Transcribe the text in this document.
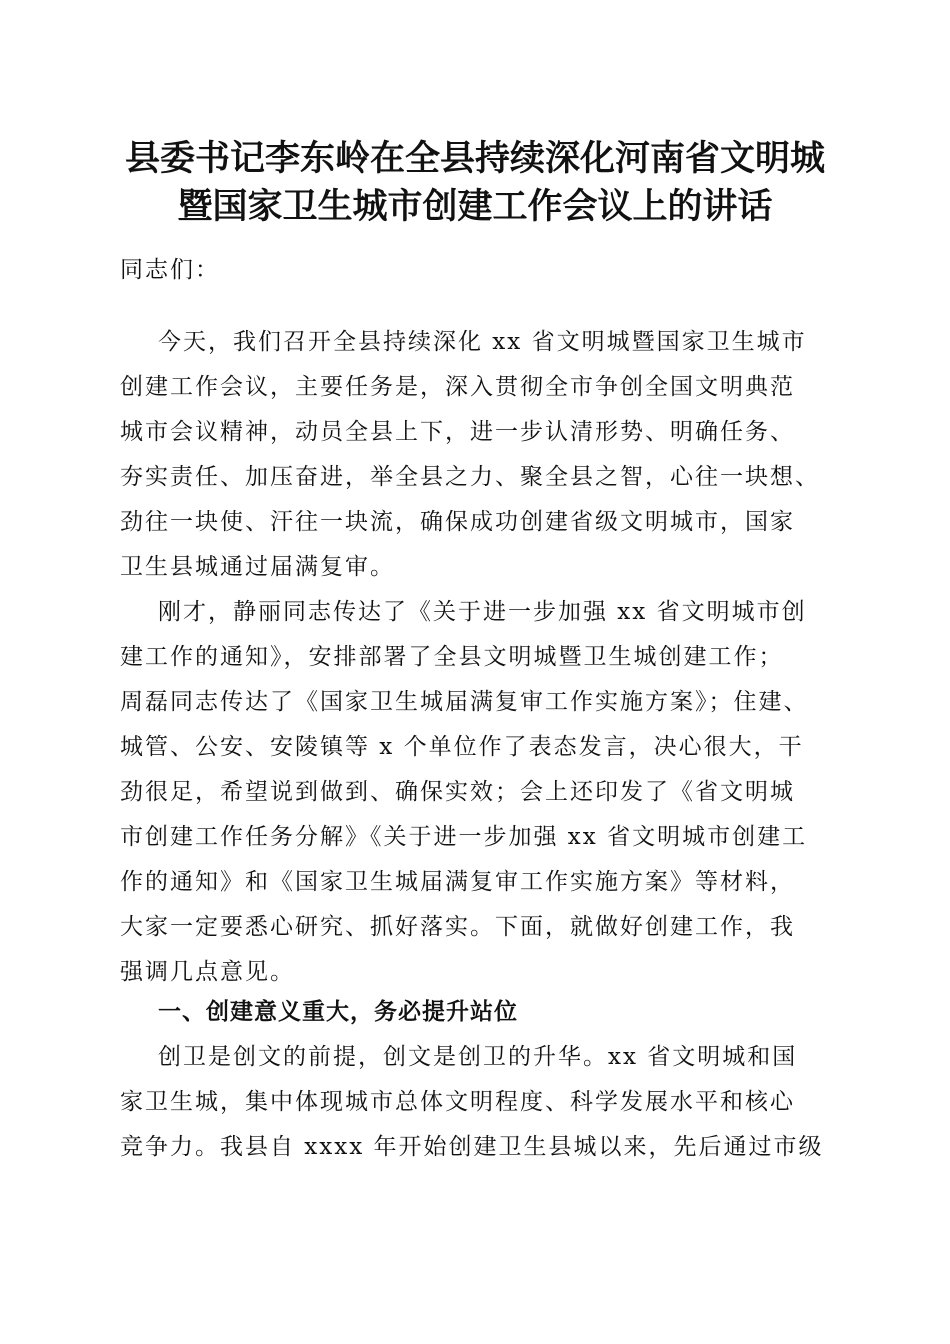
县委书记李东岭在全县持续深化河南省文明城
暨国家卫生城市创建工作会议上的讲话
同志们：
今天，我们召开全县持续深化 xx 省文明城暨国家卫生城市
创建工作会议，主要任务是，深入贯彻全市争创全国文明典范
城市会议精神，动员全县上下，进一步认清形势、明确任务、
夯实责任、加压奋进，举全县之力、聚全县之智，心往一块想、
劲往一块使、汗往一块流，确保成功创建省级文明城市，国家
卫生县城通过届满复审。
刚才，静丽同志传达了《关于进一步加强 xx 省文明城市创
建工作的通知》，安排部署了全县文明城暨卫生城创建工作；
周磊同志传达了《国家卫生城届满复审工作实施方案》；住建、
城管、公安、安陵镇等 x 个单位作了表态发言，决心很大，干
劲很足，希望说到做到、确保实效；会上还印发了《省文明城
市创建工作任务分解》《关于进一步加强 xx 省文明城市创建工
作的通知》和《国家卫生城届满复审工作实施方案》等材料，
大家一定要悉心研究、抓好落实。下面，就做好创建工作，我
强调几点意见。
一、创建意义重大，务必提升站位
创卫是创文的前提，创文是创卫的升华。xx 省文明城和国
家卫生城，集中体现城市总体文明程度、科学发展水平和核心
竞争力。我县自 xxxx 年开始创建卫生县城以来，先后通过市级
